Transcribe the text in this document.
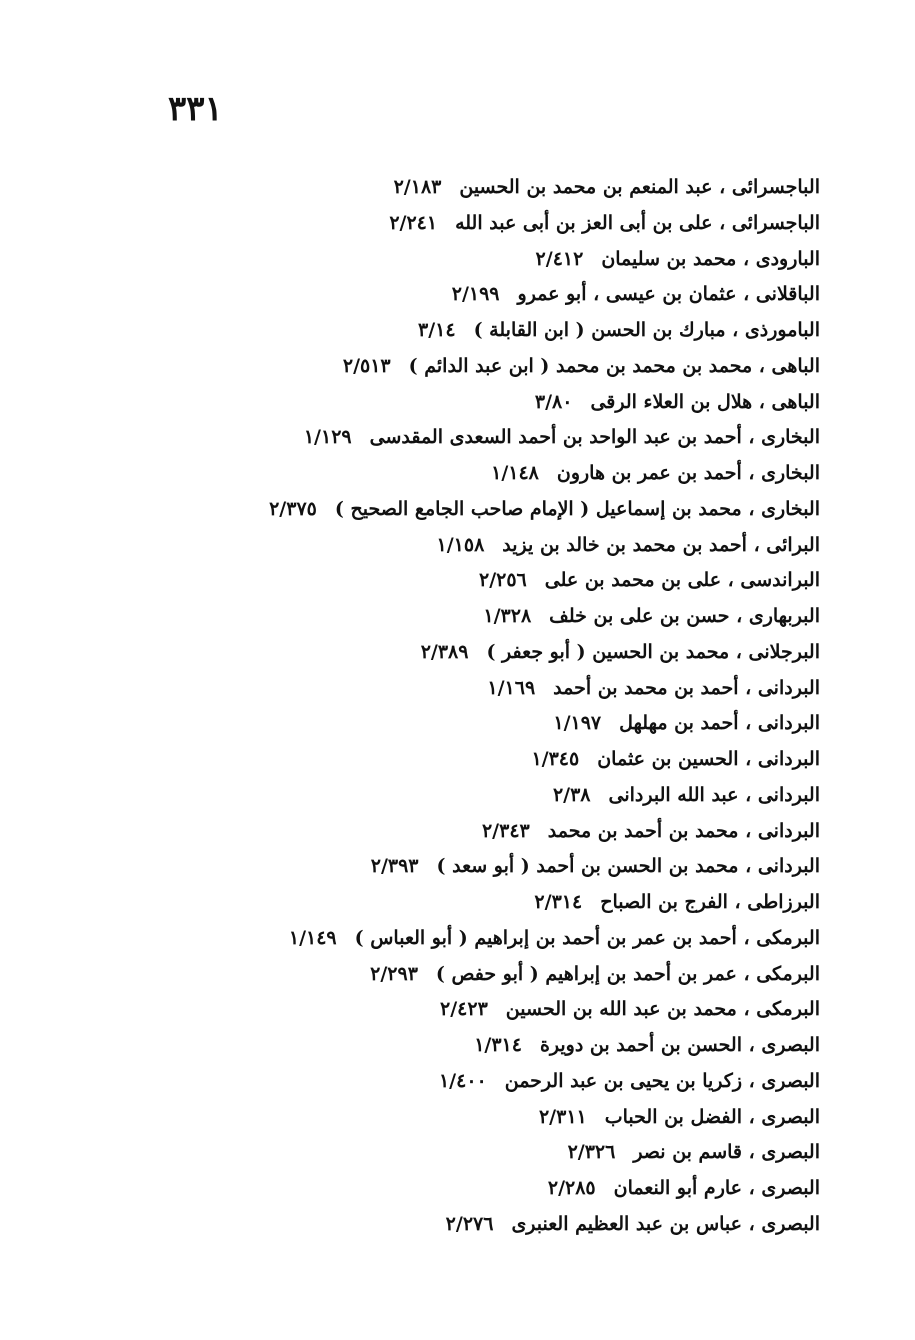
٣٣١
الباجسرائى ، عبد المنعم بن محمد بن الحسين٢/١٨٣
الباجسرائى ، على بن أبى العز بن أبى عبد الله٢/٢٤١
البارودى ، محمد بن سليمان٢/٤١٢
الباقلانى ، عثمان بن عيسى ، أبو عمرو٢/١٩٩
البامورذى ، مبارك بن الحسن ( ابن القابلة )٣/١٤
الباهى ، محمد بن محمد بن محمد ( ابن عبد الدائم )٢/٥١٣
الباهى ، هلال بن العلاء الرقى٣/٨٠
البخارى ، أحمد بن عبد الواحد بن أحمد السعدى المقدسى١/١٢٩
البخارى ، أحمد بن عمر بن هارون١/١٤٨
البخارى ، محمد بن إسماعيل ( الإمام صاحب الجامع الصحيح )٢/٣٧٥
البرائى ، أحمد بن محمد بن خالد بن يزيد١/١٥٨
البراندسى ، على بن محمد بن على٢/٢٥٦
البربهارى ، حسن بن على بن خلف١/٣٢٨
البرجلانى ، محمد بن الحسين ( أبو جعفر )٢/٣٨٩
البردانى ، أحمد بن محمد بن أحمد١/١٦٩
البردانى ، أحمد بن مهلهل١/١٩٧
البردانى ، الحسين بن عثمان١/٣٤٥
البردانى ، عبد الله البردانى٢/٣٨
البردانى ، محمد بن أحمد بن محمد٢/٣٤٣
البردانى ، محمد بن الحسن بن أحمد ( أبو سعد )٢/٣٩٣
البرزاطى ، الفرج بن الصباح٢/٣١٤
البرمكى ، أحمد بن عمر بن أحمد بن إبراهيم ( أبو العباس )١/١٤٩
البرمكى ، عمر بن أحمد بن إبراهيم ( أبو حفص )٢/٢٩٣
البرمكى ، محمد بن عبد الله بن الحسين٢/٤٢٣
البصرى ، الحسن بن أحمد بن دويرة١/٣١٤
البصرى ، زكريا بن يحيى بن عبد الرحمن١/٤٠٠
البصرى ، الفضل بن الحباب٢/٣١١
البصرى ، قاسم بن نصر٢/٣٢٦
البصرى ، عارم أبو النعمان٢/٢٨٥
البصرى ، عباس بن عبد العظيم العنبرى٢/٢٧٦
